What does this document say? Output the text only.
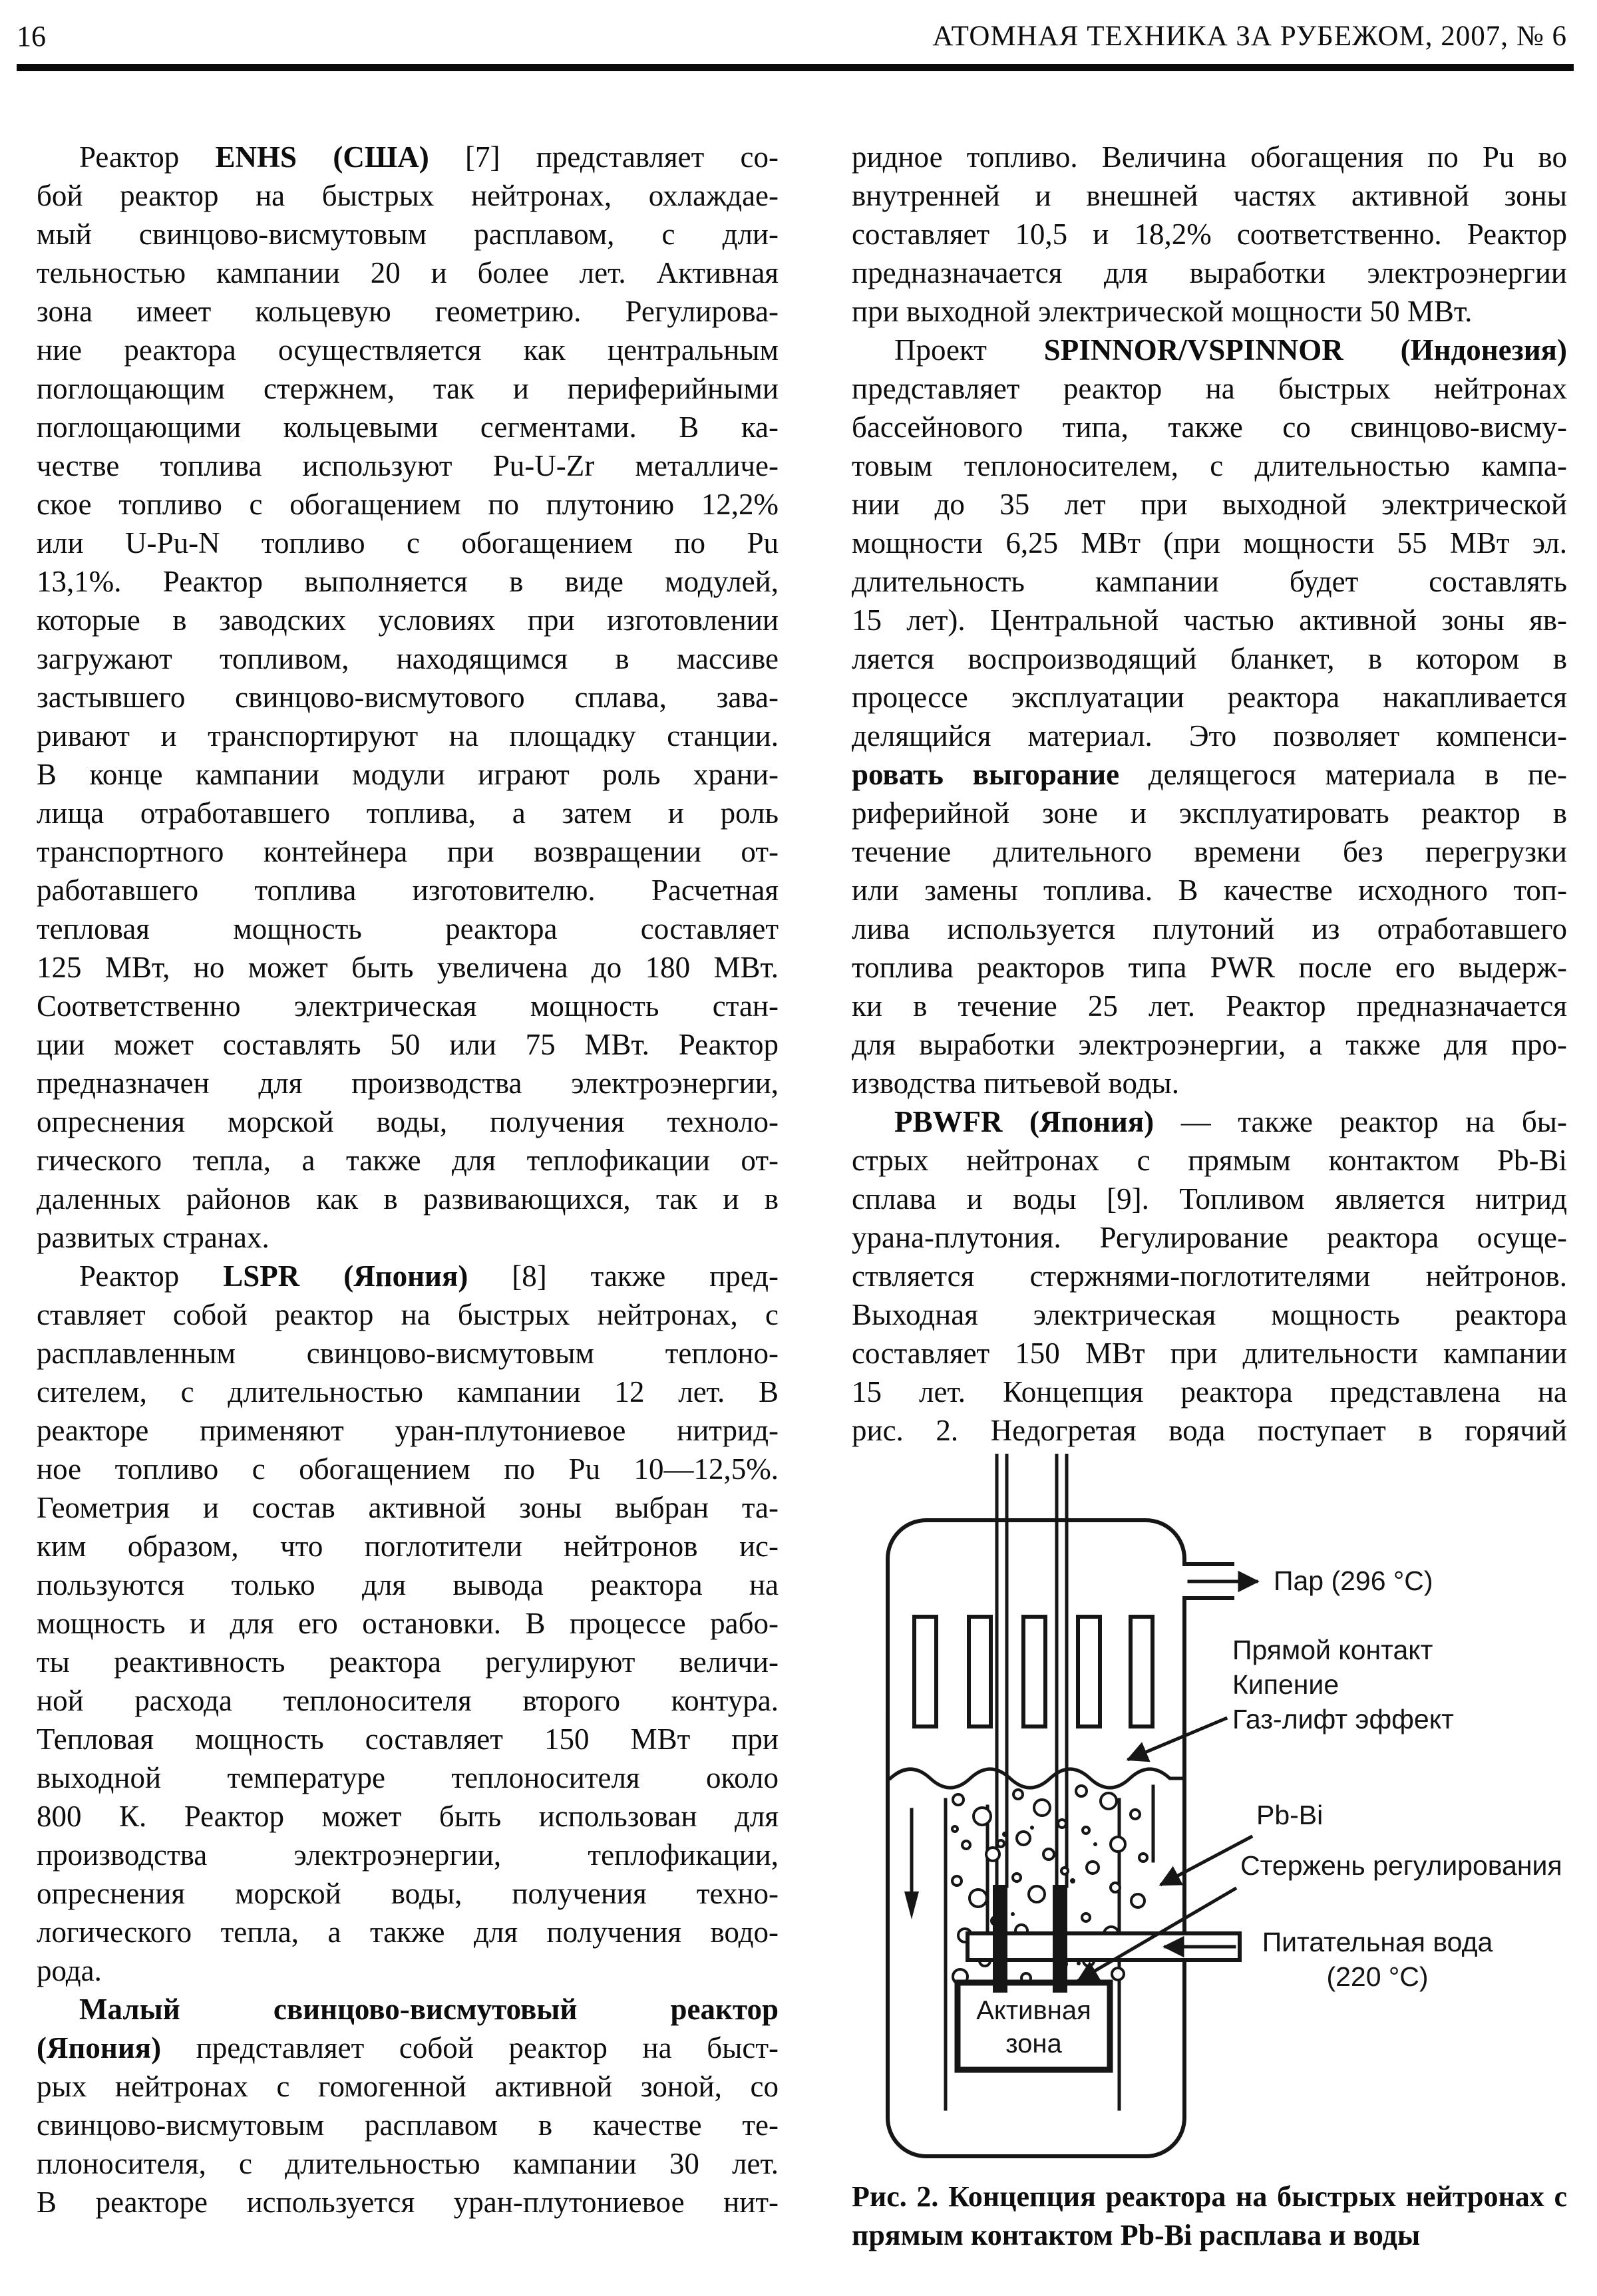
16	АТОМНАЯ ТЕХНИКА ЗА РУБЕЖОМ, 2007, № 6
Реактор ENHS (США) [7] представляет со-
бой реактор на быстрых нейтронах, охлаждае-
мый свинцово-висмутовым расплавом, с дли-
тельностью кампании 20 и более лет. Активная
зона имеет кольцевую геометрию. Регулирова-
ние реактора осуществляется как центральным
поглощающим стержнем, так и периферийными
поглощающими кольцевыми сегментами. В ка-
честве топлива используют Pu-U-Zr металличе-
ское топливо с обогащением по плутонию 12,2%
или U-Pu-N топливо с обогащением по Pu
13,1%. Реактор выполняется в виде модулей,
которые в заводских условиях при изготовлении
загружают топливом, находящимся в массиве
застывшего свинцово-висмутового сплава, зава-
ривают и транспортируют на площадку станции.
В конце кампании модули играют роль храни-
лища отработавшего топлива, а затем и роль
транспортного контейнера при возвращении от-
работавшего топлива изготовителю. Расчетная
тепловая мощность реактора составляет
125 МВт, но может быть увеличена до 180 МВт.
Соответственно электрическая мощность стан-
ции может составлять 50 или 75 МВт. Реактор
предназначен для производства электроэнергии,
опреснения морской воды, получения техноло-
гического тепла, а также для теплофикации от-
даленных районов как в развивающихся, так и в
развитых странах.
Реактор LSPR (Япония) [8] также пред-
ставляет собой реактор на быстрых нейтронах, с
расплавленным свинцово-висмутовым теплоно-
сителем, с длительностью кампании 12 лет. В
реакторе применяют уран-плутониевое нитрид-
ное топливо с обогащением по Pu 10—12,5%.
Геометрия и состав активной зоны выбран та-
ким образом, что поглотители нейтронов ис-
пользуются только для вывода реактора на
мощность и для его остановки. В процессе рабо-
ты реактивность реактора регулируют величи-
ной расхода теплоносителя второго контура.
Тепловая мощность составляет 150 МВт при
выходной температуре теплоносителя около
800 К. Реактор может быть использован для
производства электроэнергии, теплофикации,
опреснения морской воды, получения техно-
логического тепла, а также для получения водо-
рода.
Малый свинцово-висмутовый реактор
(Япония) представляет собой реактор на быст-
рых нейтронах с гомогенной активной зоной, со
свинцово-висмутовым расплавом в качестве те-
плоносителя, с длительностью кампании 30 лет.
В реакторе используется уран-плутониевое нит-
ридное топливо. Величина обогащения по Pu во
внутренней и внешней частях активной зоны
составляет 10,5 и 18,2% соответственно. Реактор
предназначается для выработки электроэнергии
при выходной электрической мощности 50 МВт.
Проект SPINNOR/VSPINNOR (Индонезия)
представляет реактор на быстрых нейтронах
бассейнового типа, также со свинцово-висму-
товым теплоносителем, с длительностью кампа-
нии до 35 лет при выходной электрической
мощности 6,25 МВт (при мощности 55 МВт эл.
длительность кампании будет составлять
15 лет). Центральной частью активной зоны яв-
ляется воспроизводящий бланкет, в котором в
процессе эксплуатации реактора накапливается
делящийся материал. Это позволяет компенси-
ровать выгорание делящегося материала в пе-
риферийной зоне и эксплуатировать реактор в
течение длительного времени без перегрузки
или замены топлива. В качестве исходного топ-
лива используется плутоний из отработавшего
топлива реакторов типа PWR после его выдерж-
ки в течение 25 лет. Реактор предназначается
для выработки электроэнергии, а также для про-
изводства питьевой воды.
PBWFR (Япония) — также реактор на бы-
стрых нейтронах с прямым контактом Pb-Bi
сплава и воды [9]. Топливом является нитрид
урана-плутония. Регулирование реактора осуще-
ствляется стержнями-поглотителями нейтронов.
Выходная электрическая мощность реактора
составляет 150 МВт при длительности кампании
15 лет. Концепция реактора представлена на
рис. 2. Недогретая вода поступает в горячий
Пар (296 °С)
Прямой контакт
Кипение
Газ-лифт эффект
Pb-Bi
Стержень регулирования
Питательная вода
(220 °С)
Активная
зона
Рис. 2. Концепция реактора на быстрых нейтронах с
прямым контактом Pb-Bi расплава и воды
